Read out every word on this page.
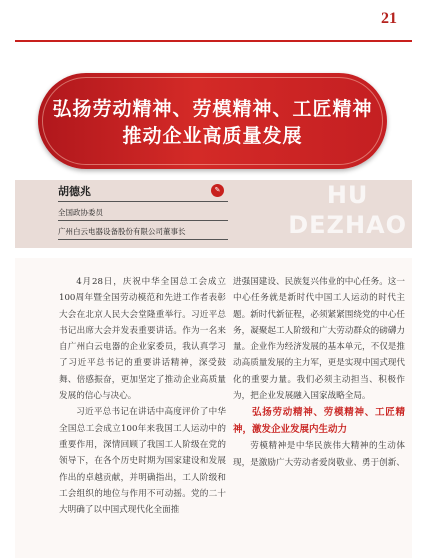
21
弘扬劳动精神、劳模精神、工匠精神
推动企业高质量发展
胡德兆
全国政协委员
广州白云电器设备股份有限公司董事长
✎	HU
DEZHAO

4月28日，庆祝中华全国总工会成立100周年暨全国劳动模范和先进工作者表彰大会在北京人民大会堂隆重举行。习近平总书记出席大会并发表重要讲话。作为一名来自广州白云电器的企业家委员，我认真学习了习近平总书记的重要讲话精神，深受鼓舞、倍感振奋，更加坚定了推动企业高质量发展的信心与决心。

习近平总书记在讲话中高度评价了中华全国总工会成立100年来我国工人运动中的重要作用，深情回顾了我国工人阶级在党的领导下，在各个历史时期为国家建设和发展作出的卓越贡献，并明确指出，工人阶级和工会组织的地位与作用不可动摇。党的二十大明确了以中国式现代化全面推

进强国建设、民族复兴伟业的中心任务。这一中心任务就是新时代中国工人运动的时代主题。新时代新征程，必须紧紧围绕党的中心任务，凝聚起工人阶级和广大劳动群众的磅礴力量。企业作为经济发展的基本单元，不仅是推动高质量发展的主力军，更是实现中国式现代化的重要力量。我们必须主动担当、积极作为，把企业发展融入国家战略全局。

弘扬劳动精神、劳模精神、工匠精神，激发企业发展内生动力

劳模精神是中华民族伟大精神的生动体现，是激励广大劳动者爱岗敬业、勇于创新、
